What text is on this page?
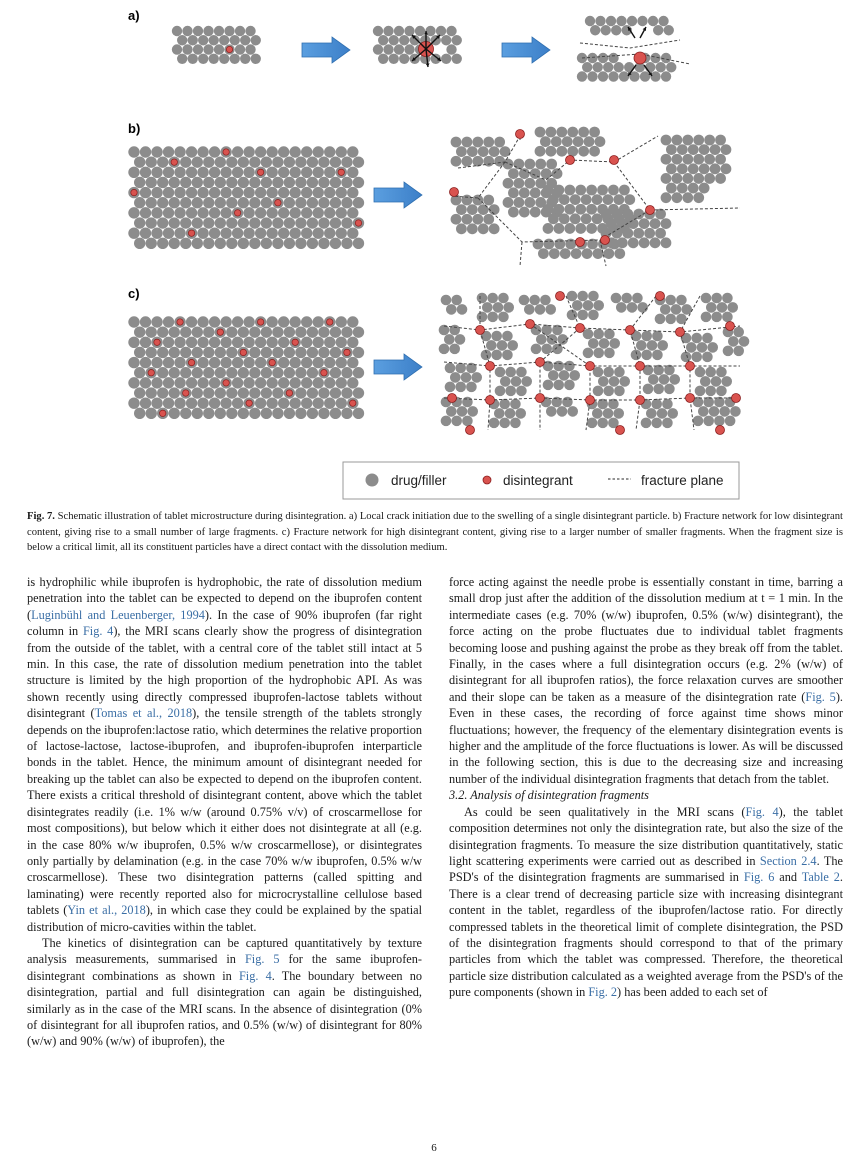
a)
b)
c)
drug/filler	disintegrant	fracture plane
Fig. 7. Schematic illustration of tablet microstructure during disintegration. a) Local crack initiation due to the swelling of a single disintegrant particle. b) Fracture network for low disintegrant content, giving rise to a small number of large fragments. c) Fracture network for high disintegrant content, giving rise to a larger number of smaller fragments. When the fragment size is below a critical limit, all its constituent particles have a direct contact with the dissolution medium.

is hydrophilic while ibuprofen is hydrophobic, the rate of dissolution medium penetration into the tablet can be expected to depend on the ibuprofen content (Luginbühl and Leuenberger, 1994). In the case of 90% ibuprofen (far right column in Fig. 4), the MRI scans clearly show the progress of disintegration from the outside of the tablet, with a central core of the tablet still intact at 5 min. In this case, the rate of dissolution medium penetration into the tablet structure is limited by the high proportion of the hydrophobic API. As was shown recently using directly compressed ibuprofen-lactose tablets without disintegrant (Tomas et al., 2018), the tensile strength of the tablets strongly depends on the ibuprofen:lactose ratio, which determines the relative proportion of lactose-lactose, lactose-ibuprofen, and ibuprofen-ibuprofen interparticle bonds in the tablet. Hence, the minimum amount of disintegrant needed for breaking up the tablet can also be expected to depend on the ibuprofen content. There exists a critical threshold of disintegrant content, above which the tablet disintegrates readily (i.e. 1% w/w (around 0.75% v/v) of croscarmellose for most compositions), but below which it either does not disintegrate at all (e.g. in the case 80% w/w ibuprofen, 0.5% w/w croscarmellose), or disintegrates only partially by delamination (e.g. in the case 70% w/w ibuprofen, 0.5% w/w croscarmellose). These two disintegration patterns (called spitting and laminating) were recently reported also for microcrystalline cellulose based tablets (Yin et al., 2018), in which case they could be explained by the spatial distribution of micro-cavities within the tablet.

The kinetics of disintegration can be captured quantitatively by texture analysis measurements, summarised in Fig. 5 for the same ibuprofen-disintegrant combinations as shown in Fig. 4. The boundary between no disintegration, partial and full disintegration can again be distinguished, similarly as in the case of the MRI scans. In the absence of disintegration (0% of disintegrant for all ibuprofen ratios, and 0.5% (w/w) of disintegrant for 80% (w/w) and 90% (w/w) of ibuprofen), the

force acting against the needle probe is essentially constant in time, barring a small drop just after the addition of the dissolution medium at t = 1 min. In the intermediate cases (e.g. 70% (w/w) ibuprofen, 0.5% (w/w) disintegrant), the force acting on the probe fluctuates due to individual tablet fragments becoming loose and pushing against the probe as they break off from the tablet. Finally, in the cases where a full disintegration occurs (e.g. 2% (w/w) of disintegrant for all ibuprofen ratios), the force relaxation curves are smoother and their slope can be taken as a measure of the disintegration rate (Fig. 5). Even in these cases, the recording of force against time shows minor fluctuations; however, the frequency of the elementary disintegration events is higher and the amplitude of the force fluctuations is lower. As will be discussed in the following section, this is due to the decreasing size and increasing number of the individual disintegration fragments that detach from the tablet.

3.2. Analysis of disintegration fragments

As could be seen qualitatively in the MRI scans (Fig. 4), the tablet composition determines not only the disintegration rate, but also the size of the disintegration fragments. To measure the size distribution quantitatively, static light scattering experiments were carried out as described in Section 2.4. The PSD's of the disintegration fragments are summarised in Fig. 6 and Table 2. There is a clear trend of decreasing particle size with increasing disintegrant content in the tablet, regardless of the ibuprofen/lactose ratio. For directly compressed tablets in the theoretical limit of complete disintegration, the PSD of the disintegration fragments should correspond to that of the primary particles from which the tablet was compressed. Therefore, the theoretical particle size distribution calculated as a weighted average from the PSD's of the pure components (shown in Fig. 2) has been added to each set of

6
